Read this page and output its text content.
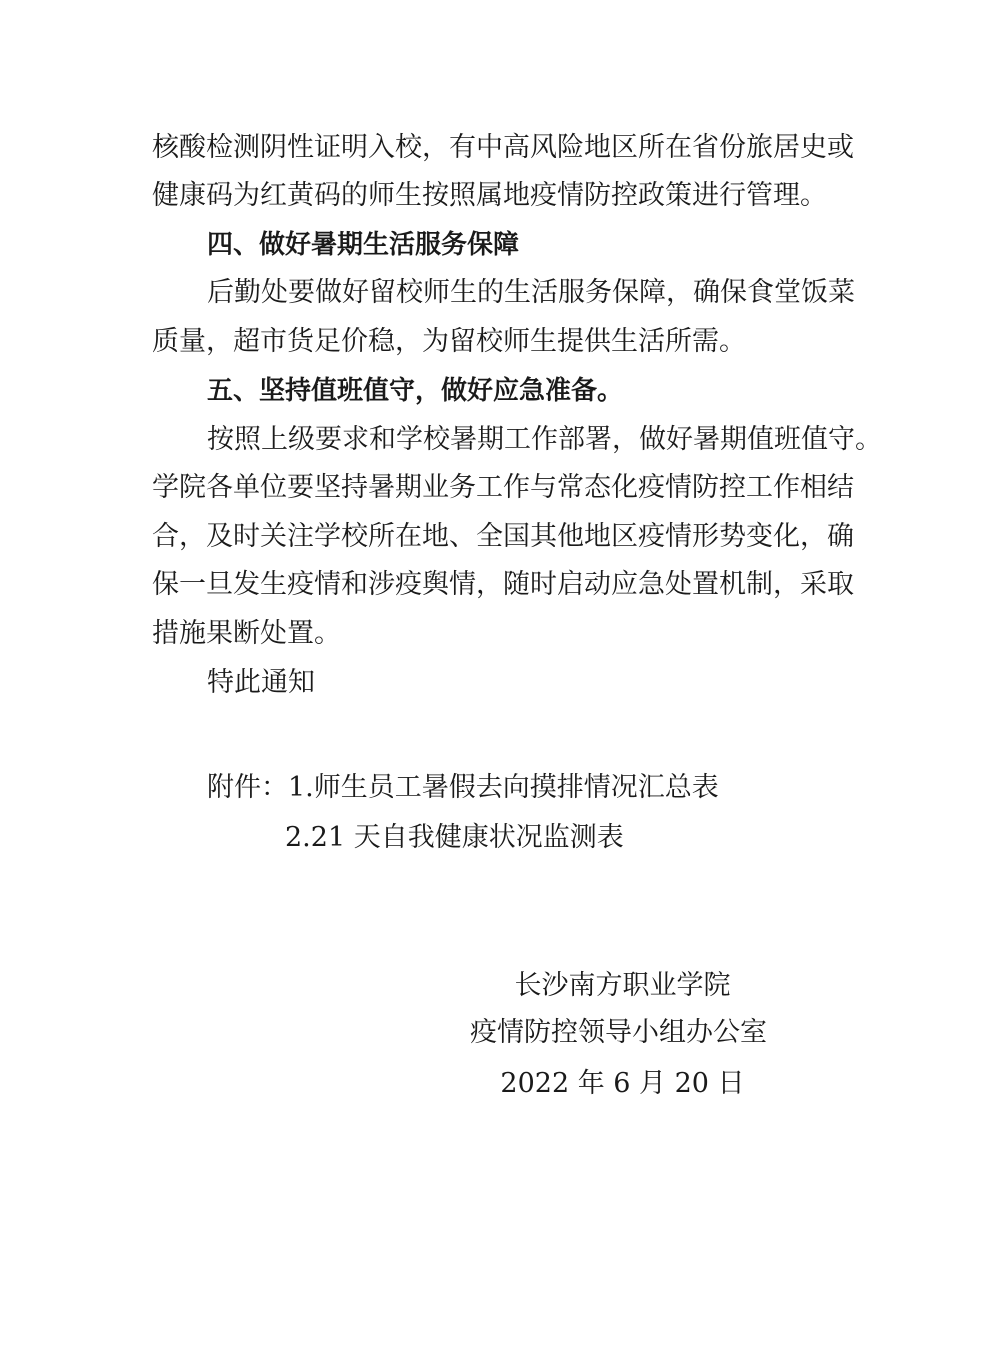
核酸检测阴性证明入校，有中高风险地区所在省份旅居史或
健康码为红黄码的师生按照属地疫情防控政策进行管理。
四、做好暑期生活服务保障
后勤处要做好留校师生的生活服务保障，确保食堂饭菜
质量，超市货足价稳，为留校师生提供生活所需。
五、坚持值班值守，做好应急准备。
按照上级要求和学校暑期工作部署，做好暑期值班值守。
学院各单位要坚持暑期业务工作与常态化疫情防控工作相结
合，及时关注学校所在地、全国其他地区疫情形势变化，确
保一旦发生疫情和涉疫舆情，随时启动应急处置机制，采取
措施果断处置。
特此通知
附件：1.师生员工暑假去向摸排情况汇总表
2.21 天自我健康状况监测表
长沙南方职业学院
疫情防控领导小组办公室
2022 年 6 月 20 日
